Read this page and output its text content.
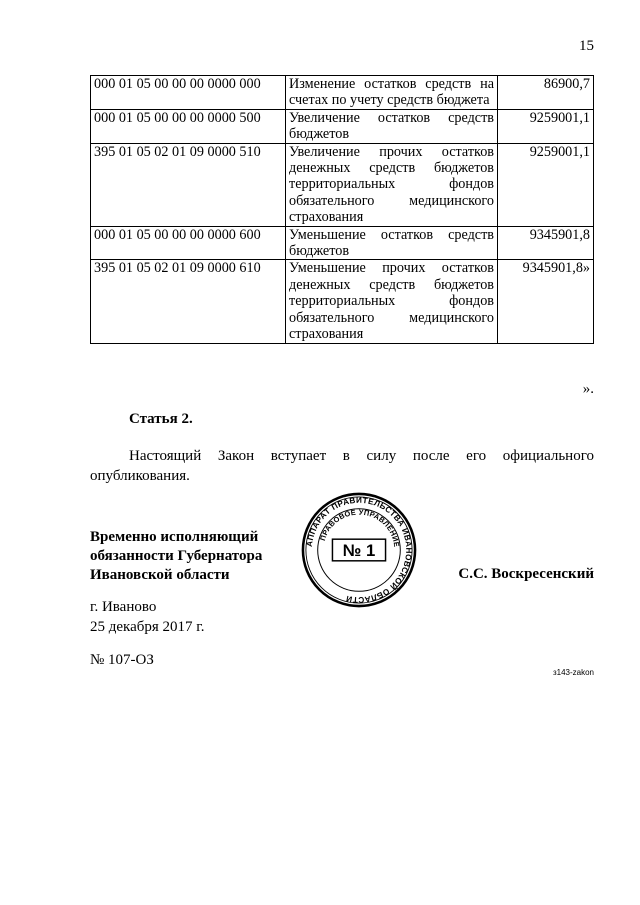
15
000 01 05 00 00 00 0000 000	Изменение остатков средств на счетах по учету средств бюджета	86900,7
000 01 05 00 00 00 0000 500	Увеличение остатков средств бюджетов	9259001,1
395 01 05 02 01 09 0000 510	Увеличение прочих остатков денежных средств бюджетов территориальных фондов обязательного медицинского страхования	9259001,1
000 01 05 00 00 00 0000 600	Уменьшение остатков средств бюджетов	9345901,8
395 01 05 02 01 09 0000 610	Уменьшение прочих остатков денежных средств бюджетов территориальных фондов обязательного медицинского страхования	9345901,8»
».
Статья 2.
Настоящий Закон вступает в силу после его официального опубликования.
Временно исполняющий
обязанности Губернатора
Ивановской области
АППАРАТ ПРАВИТЕЛЬСТВА ИВАНОВСКОЙ ОБЛАСТИ
ПРАВОВОЕ УПРАВЛЕНИЕ
№ 1
С.С. Воскресенский
г. Иваново
25 декабря 2017 г.
№ 107-ОЗ
з143-zakon
